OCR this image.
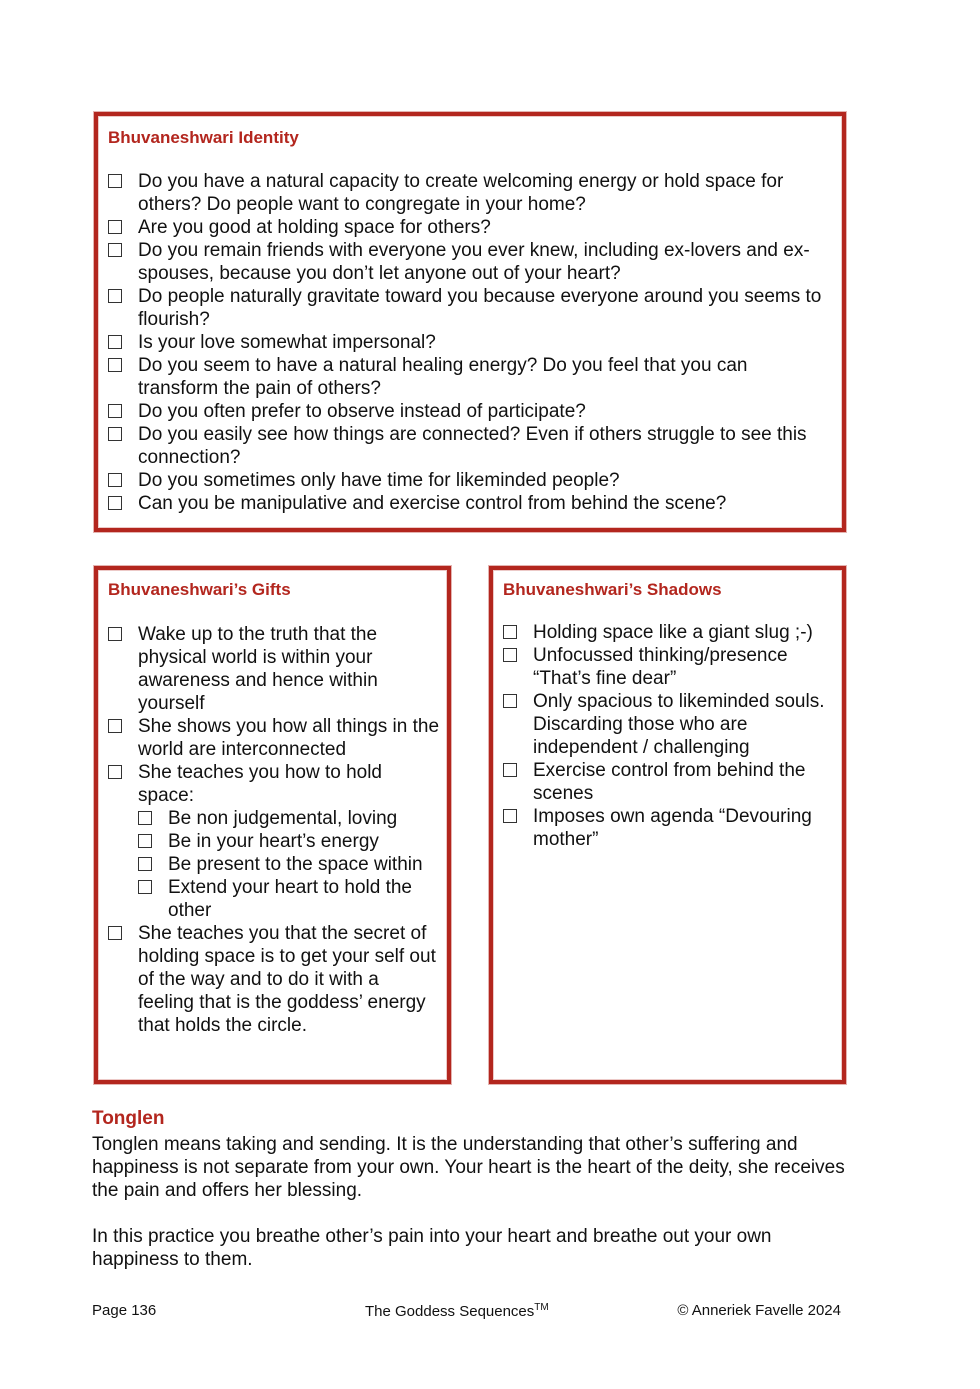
Bhuvaneshwari Identity
Do you have a natural capacity to create welcoming energy or hold space for others? Do people want to congregate in your home?
Are you good at holding space for others?
Do you remain friends with everyone you ever knew, including ex-lovers and ex-spouses, because you don’t let anyone out of your heart?
Do people naturally gravitate toward you because everyone around you seems to flourish?
Is your love somewhat impersonal?
Do you seem to have a natural healing energy? Do you feel that you can transform the pain of others?
Do you often prefer to observe instead of participate?
Do you easily see how things are connected? Even if others struggle to see this connection?
Do you sometimes only have time for likeminded people?
Can you be manipulative and exercise control from behind the scene?
Bhuvaneshwari’s Gifts
Wake up to the truth that the physical world is within your awareness and hence within yourself
She shows you how all things in the world are interconnected
She teaches you how to hold space:
Be non judgemental, loving
Be in your heart’s energy
Be present to the space within
Extend your heart to hold the other
She teaches you that the secret of holding space is to get your self out of the way and to do it with a feeling that is the goddess’ energy that holds the circle.
Bhuvaneshwari’s Shadows
Holding space like a giant slug ;-)
Unfocussed thinking/presence “That’s fine dear”
Only spacious to likeminded souls. Discarding those who are independent / challenging
Exercise control from behind the scenes
Imposes own agenda “Devouring mother”
Tonglen

Tonglen means taking and sending. It is the understanding that other’s suffering and happiness is not separate from your own. Your heart is the heart of the deity, she receives the pain and offers her blessing.

In this practice you breathe other’s pain into your heart and breathe out your own happiness to them.

Page 136	The Goddess Sequences™	© Anneriek Favelle 2024
